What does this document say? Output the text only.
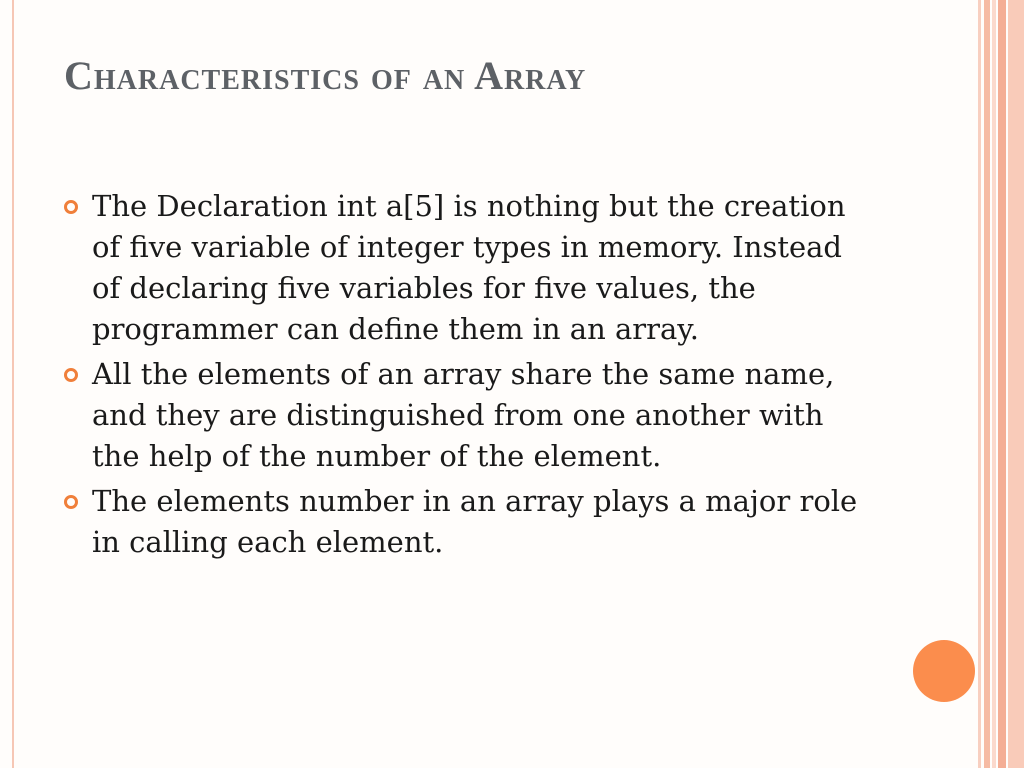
Characteristics of an Array
The Declaration int a[5] is nothing but the creation of five variable of integer types in memory. Instead of declaring five variables for five values, the programmer can define them in an array.
All the elements of an array share the same name, and they are distinguished from one another with the help of the number of the element.
The elements number in an array plays a major role in calling each element.
